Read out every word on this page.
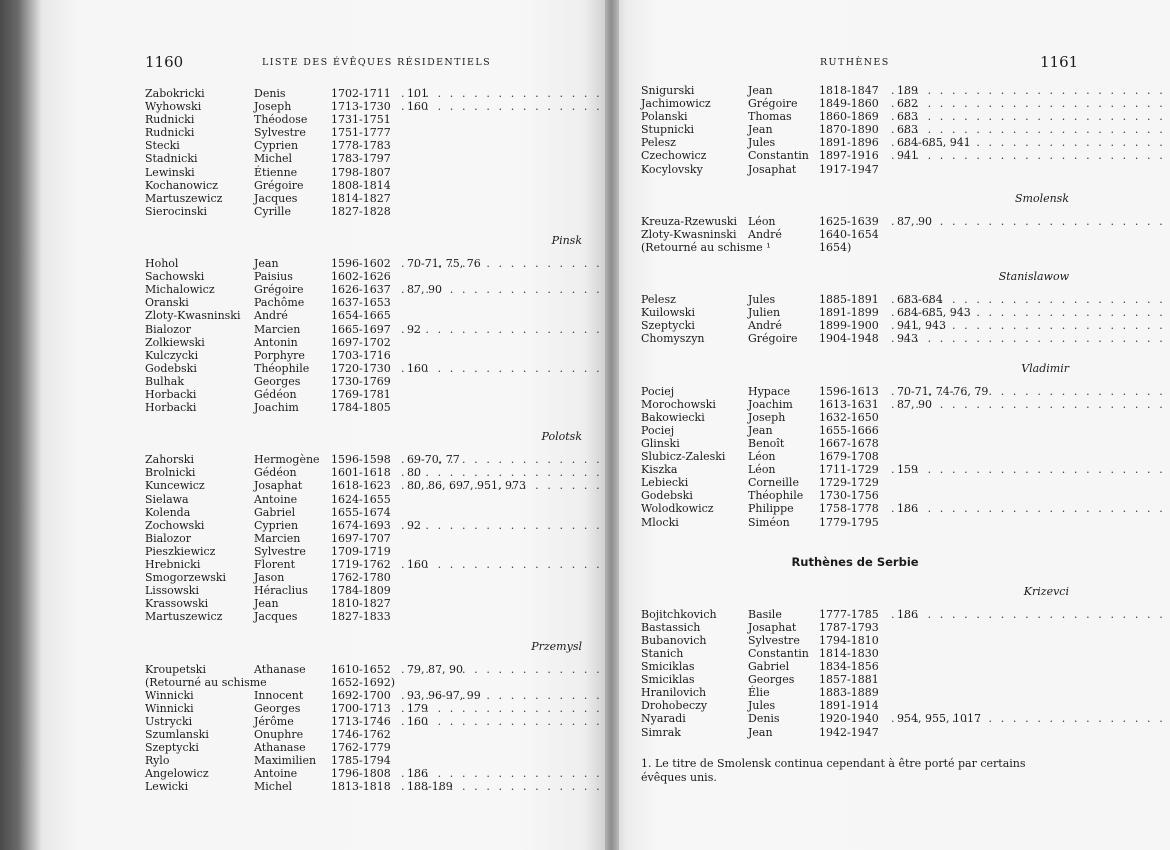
1160	LISTE DES ÉVÊQUES RÉSIDENTIELS
Zabokricki	Denis	1702-1711 . . .	101
Wyhowski	Joseph	1713-1730 . . .	160
Rudnicki	Théodose 1731-1751
Rudnicki	Sylvestre 1751-1777
Stecki	Cyprien	1778-1783
Stadnicki	Michel	1783-1797
Lewinski	Étienne	1798-1807
Kochanowicz	Grégoire 1808-1814
Martuszewicz	Jacques	1814-1827
Sierocinski	Cyrille	1827-1828
Pinsk
Hohol	Jean	1596-1602 . . .	70-71, 75, 76
Sachowski	Paisius	1602-1626
Michalowicz	Grégoire 1626-1637 . . .	87, 90
Oranski	Pachôme 1637-1653
Zloty-Kwasninski André	1654-1665
Bialozor	Marcien	1665-1697 . . .	92
Zolkiewski	Antonin	1697-1702
Kulczycki	Porphyre 1703-1716
Godebski	Théophile 1720-1730 . . .	160
Bulhak	Georges	1730-1769
Horbacki	Gédéon	1769-1781
Horbacki	Joachim	1784-1805
Polotsk
Zahorski	Hermogène 1596-1598 . . .	69-70, 77
Brolnicki	Gédéon	1601-1618 . . .	80
Kuncewicz	Josaphat	1618-1623 . . .	80, 86, 697, 951, 973
Sielawa	Antoine	1624-1655
Kolenda	Gabriel	1655-1674
Zochowski	Cyprien	1674-1693 . . .	92
Bialozor	Marcien	1697-1707
Pieszkiewicz	Sylvestre 1709-1719
Hrebnicki	Florent	1719-1762 . . .	160
Smogorzewski	Jason	1762-1780
Lissowski	Héraclius 1784-1809
Krassowski	Jean	1810-1827
Martuszewicz	Jacques	1827-1833
Przemysl
Kroupetski	Athanase 1610-1652 . . .	79, 87, 90
(Retourné au schisme	1652-1692)
Winnicki	Innocent	1692-1700 . . .	93, 96-97, 99
Winnicki	Georges	1700-1713 . . .	179
Ustrycki	Jérôme	1713-1746 . . .	160
Szumlanski	Onuphre	1746-1762
Szeptycki	Athanase 1762-1779
Rylo	Maximilien 1785-1794
Angelowicz	Antoine	1796-1808 . . .	186
Lewicki	Michel	1813-1818 . . .	188-189
RUTHÈNES	1161
Snigurski	Jean	1818-1847 . . .	189
Jachimowicz	Grégoire 1849-1860 . . .	682
Polanski	Thomas 1860-1869 . . .	683
Stupnicki	Jean	1870-1890 . . .	683
Pelesz	Jules	1891-1896 . . .	684-685, 941
Czechowicz	Constantin 1897-1916 . . .	941
Kocylovsky	Josaphat 1917-1947
Smolensk
Kreuza-Rzewuski Léon	1625-1639 . . .	87, 90
Zloty-Kwasninski André	1640-1654
(Retourné au schisme ¹	1654)
Stanislawow
Pelesz	Jules	1885-1891 . . .	683-684
Kuilowski	Julien	1891-1899 . . .	684-685, 943
Szeptycki	André	1899-1900 . . .	941, 943
Chomyszyn	Grégoire 1904-1948 . . .	943
Vladimir
Pociej	Hypace	1596-1613 . . .	70-71, 74-76, 79
Morochowski	Joachim 1613-1631 . . .	87, 90
Bakowiecki	Joseph	1632-1650
Pociej	Jean	1655-1666
Glinski	Benoît	1667-1678
Slubicz-Zaleski Léon	1679-1708
Kiszka	Léon	1711-1729 . . .	159
Lebiecki	Corneille 1729-1729
Godebski	Théophile 1730-1756
Wolodkowicz	Philippe 1758-1778 . . .	186
Mlocki	Siméon	1779-1795
Ruthènes de Serbie
Krizevci
Bojitchkovich	Basile	1777-1785 . . .	186
Bastassich	Josaphat 1787-1793
Bubanovich	Sylvestre 1794-1810
Stanich	Constantin 1814-1830
Smiciklas	Gabriel	1834-1856
Smiciklas	Georges 1857-1881
Hranilovich	Élie	1883-1889
Drohobeczy	Jules	1891-1914
Nyaradi	Denis	1920-1940 . . .	954, 955, 1017
Simrak	Jean	1942-1947
1. Le titre de Smolensk continua cependant à être porté par certains évêques unis.
